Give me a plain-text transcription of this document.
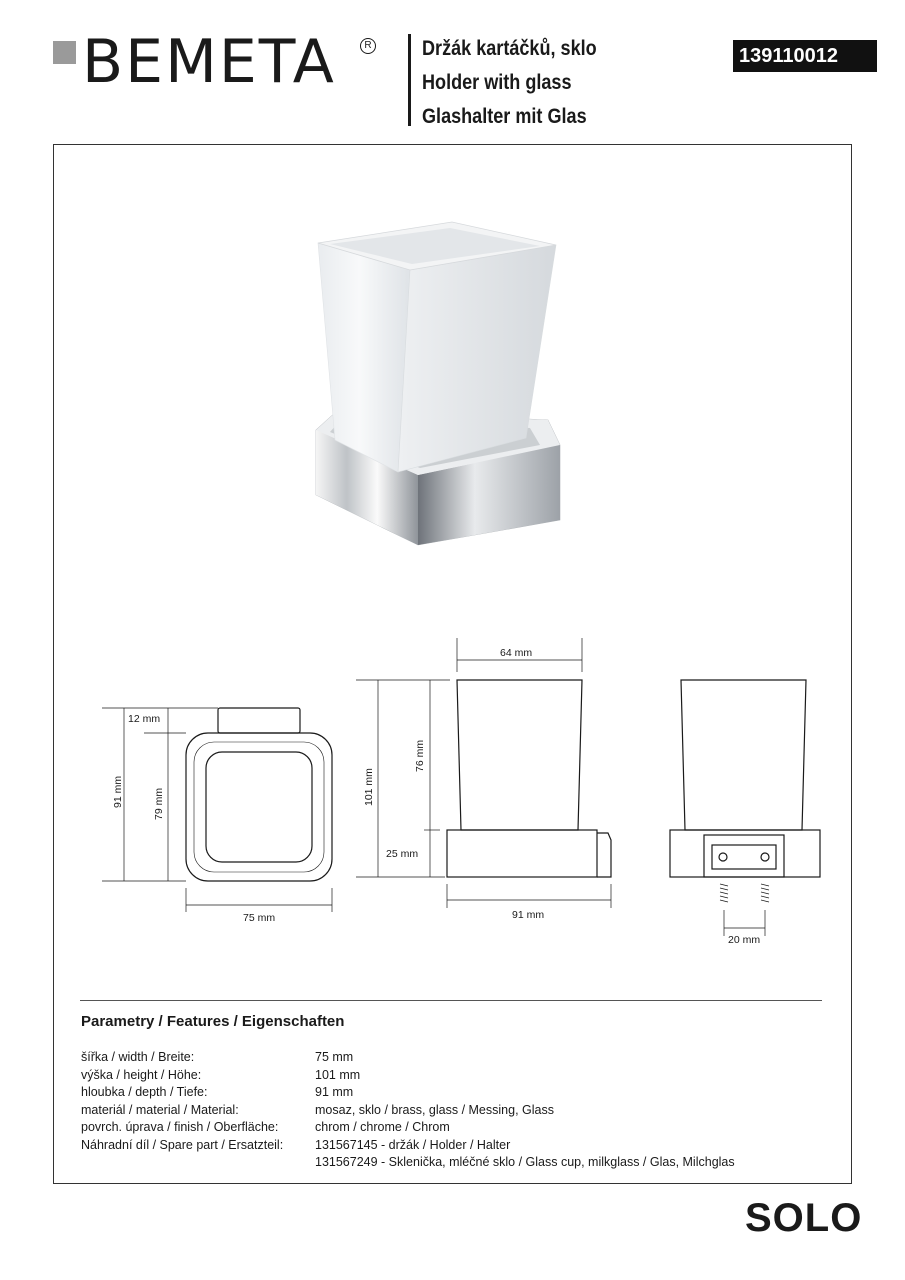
BEMETA	R Držák kartáčků, sklo
Holder with glass
Glashalter mit Glas
139110012
12 mm
91 mm	79 mm
75 mm
64 mm
101 mm
76 mm
25 mm
91 mm
20 mm
Parametry / Features / Eigenschaften
šířka / width / Breite:	75 mm
výška / height / Höhe:	101 mm
hloubka / depth / Tiefe:	91 mm
materiál / material / Material:	mosaz, sklo / brass, glass / Messing, Glass
povrch. úprava / finish / Oberfläche:	chrom / chrome / Chrom
Náhradní díl / Spare part / Ersatzteil:	131567145 - držák / Holder / Halter
131567249 - Sklenička, mléčné sklo / Glass cup, milkglass / Glas, Milchglas
SOLO
